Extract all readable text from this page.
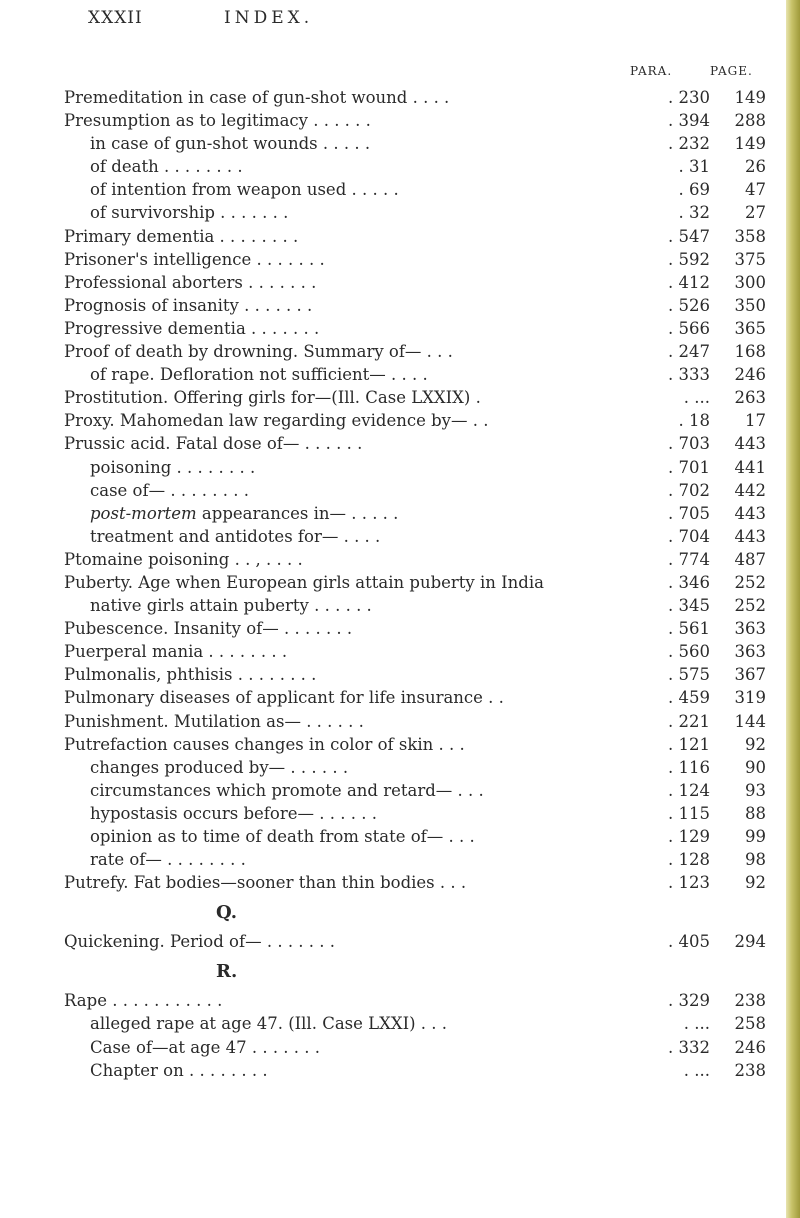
XXXII	INDEX.
PARA.	PAGE.
Premeditation in case of gun-shot wound . . . .	. 230	149
Presumption as to legitimacy . . . . . .	. 394	288
in case of gun-shot wounds . . . . .	. 232	149
of death . . . . . . . .	. 31	26
of intention from weapon used . . . . .	. 69	47
of survivorship . . . . . . .	. 32	27
Primary dementia . . . . . . . .	. 547	358
Prisoner's intelligence . . . . . . .	. 592	375
Professional aborters . . . . . . .	. 412	300
Prognosis of insanity . . . . . . .	. 526	350
Progressive dementia . . . . . . .	. 566	365
Proof of death by drowning. Summary of— . . .	. 247	168
of rape. Defloration not sufficient— . . . .	. 333	246
Prostitution. Offering girls for—(Ill. Case LXXIX) .	. ...	263
Proxy. Mahomedan law regarding evidence by— . .	. 18	17
Prussic acid. Fatal dose of— . . . . . .	. 703	443
poisoning . . . . . . . .	. 701	441
case of— . . . . . . . .	. 702	442
post-mortem appearances in— . . . . .	. 705	443
treatment and antidotes for— . . . .	. 704	443
Ptomaine poisoning . . , . . . .	. 774	487
Puberty. Age when European girls attain puberty in India	. 346	252
native girls attain puberty . . . . . .	. 345	252
Pubescence. Insanity of— . . . . . . .	. 561	363
Puerperal mania . . . . . . . .	. 560	363
Pulmonalis, phthisis . . . . . . . .	. 575	367
Pulmonary diseases of applicant for life insurance . .	. 459	319
Punishment. Mutilation as— . . . . . .	. 221	144
Putrefaction causes changes in color of skin . . .	. 121	92
changes produced by— . . . . . .	. 116	90
circumstances which promote and retard— . . .	. 124	93
hypostasis occurs before— . . . . . .	. 115	88
opinion as to time of death from state of— . . .	. 129	99
rate of— . . . . . . . .	. 128	98
Putrefy. Fat bodies—sooner than thin bodies . . .	. 123	92
Q.
Quickening. Period of— . . . . . . .	. 405	294
R.
Rape . . . . . . . . . . .	. 329	238
alleged rape at age 47. (Ill. Case LXXI) . . .	. ...	258
Case of—at age 47 . . . . . . .	. 332	246
Chapter on . . . . . . . .	. ...	238
